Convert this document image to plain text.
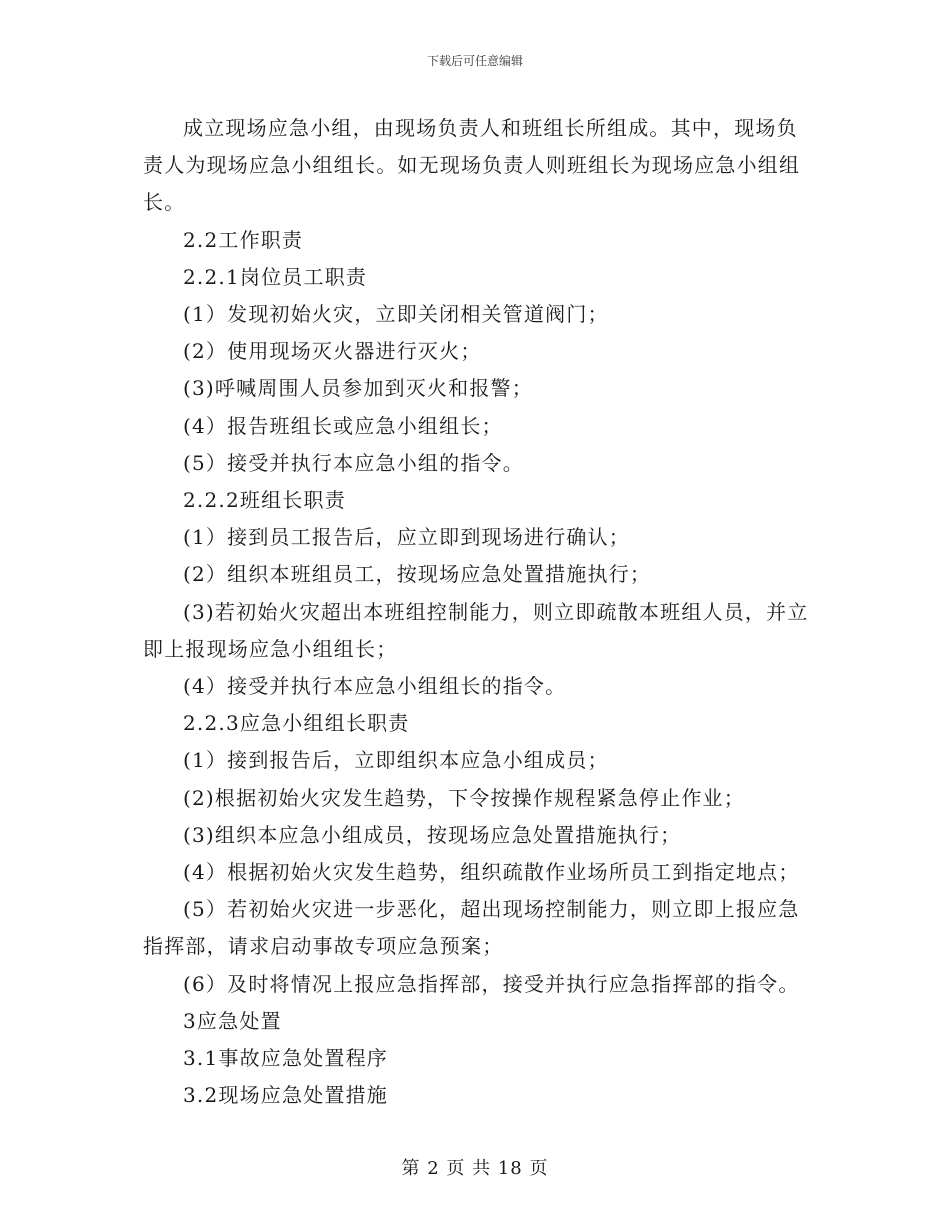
下载后可任意编辑

成立现场应急小组，由现场负责人和班组长所组成。其中，现场负责人为现场应急小组组长。如无现场负责人则班组长为现场应急小组组长。

2.2工作职责

2.2.1岗位员工职责

(1）发现初始火灾，立即关闭相关管道阀门；

(2）使用现场灭火器进行灭火；

(3)呼喊周围人员参加到灭火和报警；

(4）报告班组长或应急小组组长；

(5）接受并执行本应急小组的指令。

2.2.2班组长职责

(1）接到员工报告后，应立即到现场进行确认；

(2）组织本班组员工，按现场应急处置措施执行；

(3)若初始火灾超出本班组控制能力，则立即疏散本班组人员，并立即上报现场应急小组组长；

(4）接受并执行本应急小组组长的指令。

2.2.3应急小组组长职责

(1）接到报告后，立即组织本应急小组成员；

(2)根据初始火灾发生趋势，下令按操作规程紧急停止作业；

(3)组织本应急小组成员，按现场应急处置措施执行；

(4）根据初始火灾发生趋势，组织疏散作业场所员工到指定地点；

(5）若初始火灾进一步恶化，超出现场控制能力，则立即上报应急指挥部，请求启动事故专项应急预案；

(6）及时将情况上报应急指挥部，接受并执行应急指挥部的指令。

3应急处置

3.1事故应急处置程序

3.2现场应急处置措施

第 2 页 共 18 页
